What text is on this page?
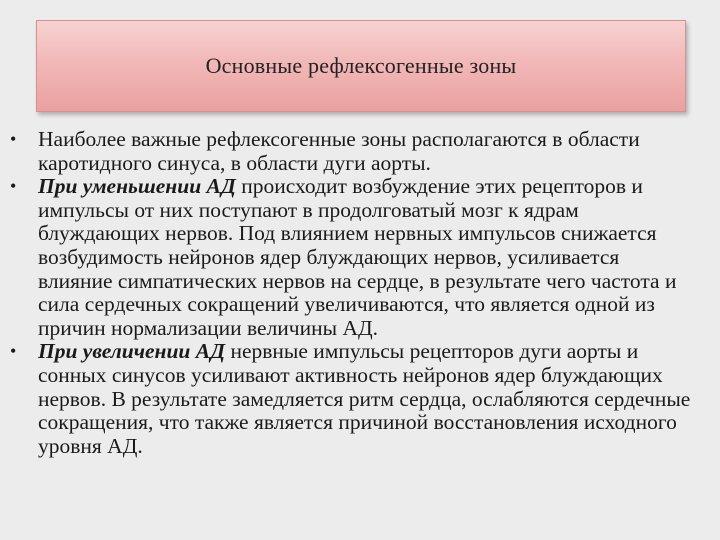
Основные рефлексогенные зоны
• Наиболее важные рефлексогенные зоны располагаются в области каротидного синуса, в области дуги аорты.
• При уменьшении АД происходит возбуждение этих рецепторов и импульсы от них поступают в продолговатый мозг к ядрам блуждающих нервов. Под влиянием нервных импульсов снижается возбудимость нейронов ядер блуждающих нервов, усиливается влияние симпатических нервов на сердце, в результате чего частота и сила сердечных сокращений увеличиваются, что является одной из причин нормализации величины АД.
• При увеличении АД нервные импульсы рецепторов дуги аорты и сонных синусов усиливают активность нейронов ядер блуждающих нервов. В результате замедляется ритм сердца, ослабляются сердечные сокращения, что также является причиной восстановления исходного уровня АД.
